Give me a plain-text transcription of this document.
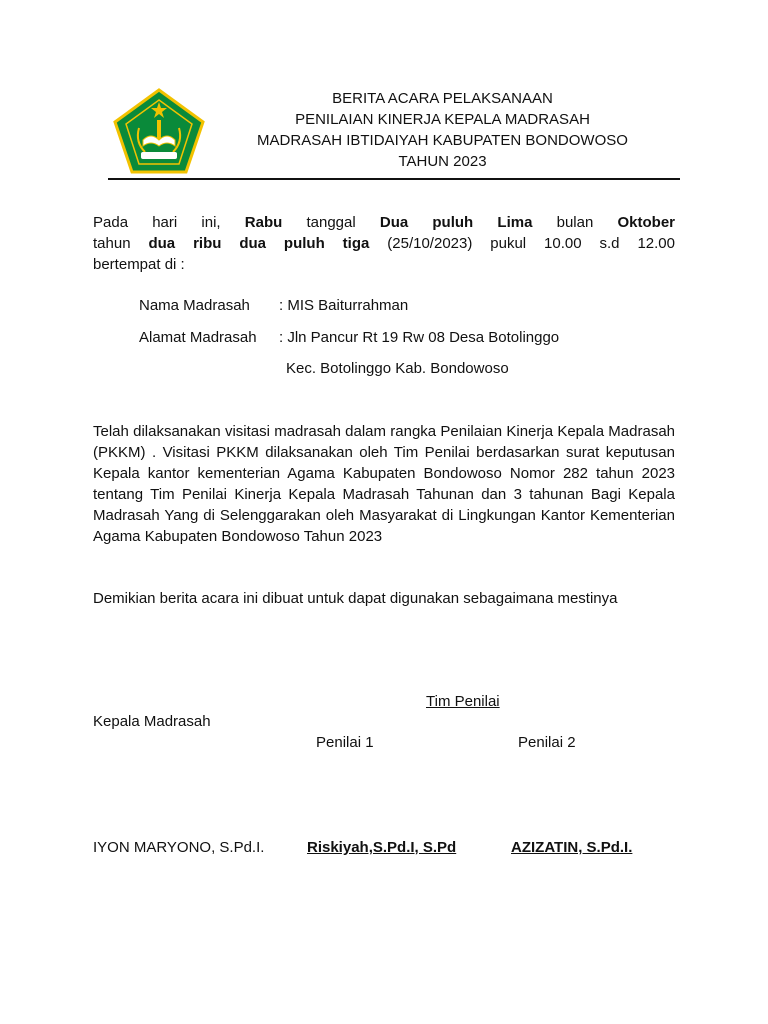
BERITA ACARA PELAKSANAAN
PENILAIAN KINERJA KEPALA MADRASAH
MADRASAH IBTIDAIYAH KABUPATEN BONDOWOSO
TAHUN 2023

Pada hari ini, Rabu tanggal Dua puluh Lima bulan Oktober

tahun dua ribu dua puluh tiga (25/10/2023) pukul 10.00 s.d 12.00

bertempat di :

Nama Madrasah : MIS Baiturrahman
Alamat Madrasah : Jln Pancur Rt 19 Rw 08 Desa Botolinggo
Kec. Botolinggo Kab. Bondowoso
Telah dilaksanakan visitasi madrasah dalam rangka Penilaian Kinerja Kepala Madrasah (PKKM) . Visitasi PKKM dilaksanakan oleh Tim Penilai berdasarkan surat keputusan Kepala kantor kementerian Agama Kabupaten Bondowoso Nomor 282 tahun 2023 tentang Tim Penilai Kinerja Kepala Madrasah Tahunan dan 3 tahunan Bagi Kepala Madrasah Yang di Selenggarakan oleh Masyarakat di Lingkungan Kantor Kementerian Agama Kabupaten Bondowoso Tahun 2023
Demikian berita acara ini dibuat untuk dapat digunakan sebagaimana mestinya
Tim Penilai
Kepala Madrasah
Penilai 1	Penilai 2
IYON MARYONO, S.Pd.I.	Riskiyah,S.Pd.I, S.Pd	AZIZATIN, S.Pd.I.
